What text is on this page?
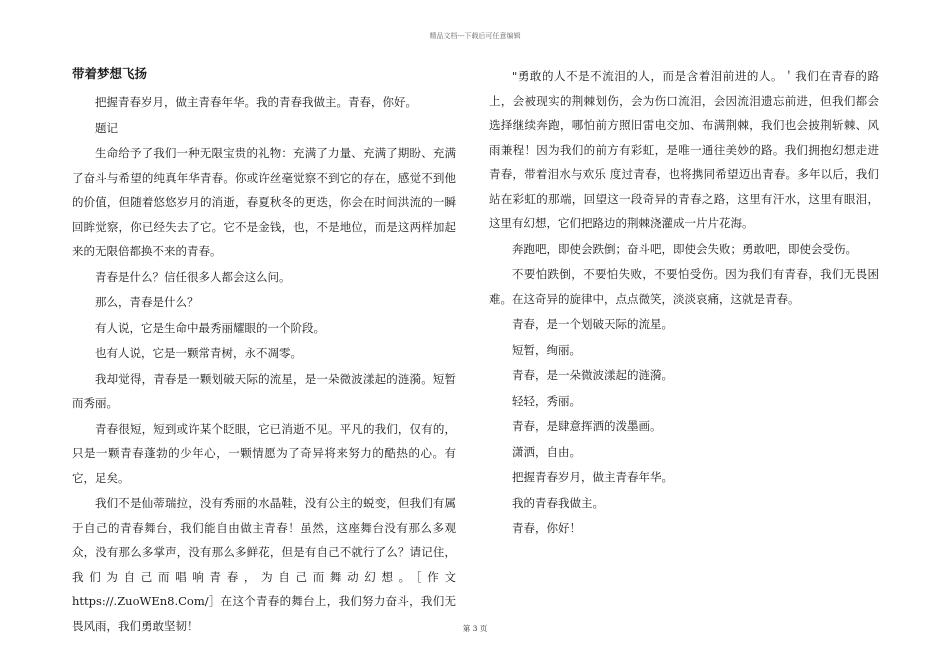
精品文档---下载后可任意编辑
带着梦想飞扬

把握青春岁月，做主青春年华。我的青春我做主。青春，你好。

题记

生命给予了我们一种无限宝贵的礼物：充满了力量、充满了期盼、充满了奋斗与希望的纯真年华青春。你或许丝毫觉察不到它的存在，感觉不到他的价值，但随着悠悠岁月的消逝，春夏秋冬的更迭，你会在时间洪流的一瞬回眸觉察，你已经失去了它。它不是金钱，也，不是地位，而是这两样加起来的无限倍都换不来的青春。

青春是什么？信任很多人都会这么问。

那么，青春是什么？

有人说，它是生命中最秀丽耀眼的一个阶段。

也有人说，它是一颗常青树，永不凋零。

我却觉得，青春是一颗划破天际的流星，是一朵微波漾起的涟漪。短暂而秀丽。

青春很短，短到或许某个眨眼，它已消逝不见。平凡的我们，仅有的，只是一颗青春蓬勃的少年心，一颗情愿为了奇异将来努力的酷热的心。有它，足矣。

我们不是仙蒂瑞拉，没有秀丽的水晶鞋，没有公主的蜕变，但我们有属于自己的青春舞台，我们能自由做主青春！虽然，这座舞台没有那么多观众，没有那么多掌声，没有那么多鲜花，但是有自己不就行了么？请记住，我们为自己而唱响青春，为自己而舞动幻想。［作文https://.ZuoWEn8.Com/］在这个青春的舞台上，我们努力奋斗，我们无畏风雨，我们勇敢坚韧！

"勇敢的人不是不流泪的人，而是含着泪前进的人。＇我们在青春的路上，会被现实的荆棘划伤，会为伤口流泪，会因流泪遗忘前进，但我们都会选择继续奔跑，哪怕前方照旧雷电交加、布满荆棘，我们也会披荆斩棘、风雨兼程！因为我们的前方有彩虹，是唯一通往美妙的路。我们拥抱幻想走进青春，带着泪水与欢乐 度过青春，也将携同希望迈出青春。多年以后，我们站在彩虹的那端，回望这一段奇异的青春之路，这里有汗水，这里有眼泪，这里有幻想，它们把路边的荆棘浇灌成一片片花海。

奔跑吧，即使会跌倒；奋斗吧，即使会失败；勇敢吧，即使会受伤。

不要怕跌倒，不要怕失败，不要怕受伤。因为我们有青春，我们无畏困难。在这奇异的旋律中，点点微笑，淡淡哀痛，这就是青春。

青春，是一个划破天际的流星。

短暂，绚丽。

青春，是一朵微波漾起的涟漪。

轻轻，秀丽。

青春，是肆意挥洒的泼墨画。

潇洒，自由。

把握青春岁月，做主青春年华。

我的青春我做主。

青春，你好！

第 3 页
